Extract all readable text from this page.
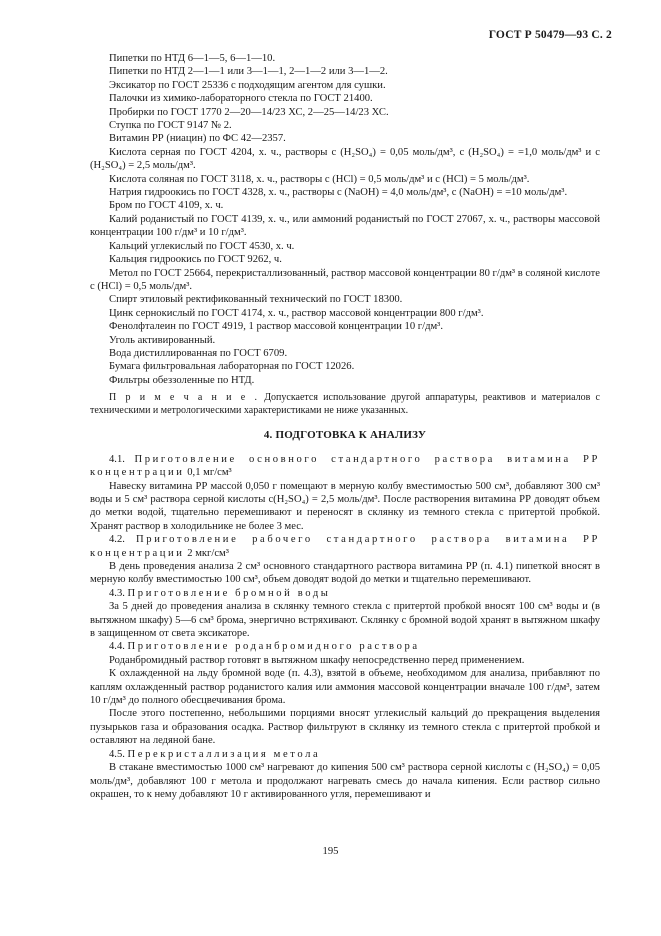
ГОСТ Р 50479—93 С. 2

Пипетки по НТД 6—1—5, 6—1—10.

Пипетки по НТД 2—1—1 или 3—1—1, 2—1—2 или 3—1—2.

Эксикатор по ГОСТ 25336 с подходящим агентом для сушки.

Палочки из химико-лабораторного стекла по ГОСТ 21400.

Пробирки по ГОСТ 1770 2—20—14/23 ХС, 2—25—14/23 ХС.

Ступка по ГОСТ 9147 № 2.

Витамин РР (ниацин) по ФС 42—2357.

Кислота серная по ГОСТ 4204, х. ч., растворы c (H₂SO₄) = 0,05 моль/дм³, c (H₂SO₄) = =1,0 моль/дм³ и c (H₂SO₄) = 2,5 моль/дм³.

Кислота соляная по ГОСТ 3118, х. ч., растворы c (HCl) = 0,5 моль/дм³ и c (HCl) = 5 моль/дм³.

Натрия гидроокись по ГОСТ 4328, х. ч., растворы c (NaOH) = 4,0 моль/дм³, c (NaOH) = =10 моль/дм³.

Бром по ГОСТ 4109, х. ч.

Калий роданистый по ГОСТ 4139, х. ч., или аммоний роданистый по ГОСТ 27067, х. ч., растворы массовой концентрации 100 г/дм³ и 10 г/дм³.

Кальций углекислый по ГОСТ 4530, х. ч.

Кальция гидроокись по ГОСТ 9262, ч.

Метол по ГОСТ 25664, перекристаллизованный, раствор массовой концентрации 80 г/дм³ в соляной кислоте c (HCl) = 0,5 моль/дм³.

Спирт этиловый ректификованный технический по ГОСТ 18300.

Цинк сернокислый по ГОСТ 4174, х. ч., раствор массовой концентрации 800 г/дм³.

Фенолфталеин по ГОСТ 4919, 1 раствор массовой концентрации 10 г/дм³.

Уголь активированный.

Вода дистиллированная по ГОСТ 6709.

Бумага фильтровальная лабораторная по ГОСТ 12026.

Фильтры обеззоленные по НТД.

П р и м е ч а н и е . Допускается использование другой аппаратуры, реактивов и материалов с техническими и метрологическими характеристиками не ниже указанных.

4. ПОДГОТОВКА К АНАЛИЗУ

4.1. Приготовление основного стандартного раствора витамина РР концентрации 0,1 мг/см³

Навеску витамина РР массой 0,050 г помещают в мерную колбу вместимостью 500 см³, добавляют 300 см³ воды и 5 см³ раствора серной кислоты c(H₂SO₄) = 2,5 моль/дм³. После растворения витамина РР доводят объем до метки водой, тщательно перемешивают и переносят в склянку из темного стекла с притертой пробкой. Хранят раствор в холодильнике не более 3 мес.

4.2. Приготовление рабочего стандартного раствора витамина РР концентрации 2 мкг/см³

В день проведения анализа 2 см³ основного стандартного раствора витамина РР (п. 4.1) пипеткой вносят в мерную колбу вместимостью 100 см³, объем доводят водой до метки и тщательно перемешивают.

4.3. Приготовление бромной воды

За 5 дней до проведения анализа в склянку темного стекла с притертой пробкой вносят 100 см³ воды и (в вытяжном шкафу) 5—6 см³ брома, энергично встряхивают. Склянку с бромной водой хранят в вытяжном шкафу в защищенном от света эксикаторе.

4.4. Приготовление роданбромидного раствора

Роданбромидный раствор готовят в вытяжном шкафу непосредственно перед применением.

К охлажденной на льду бромной воде (п. 4.3), взятой в объеме, необходимом для анализа, прибавляют по каплям охлажденный раствор роданистого калия или аммония массовой концентрации вначале 100 г/дм³, затем 10 г/дм³ до полного обесцвечивания брома.

После этого постепенно, небольшими порциями вносят углекислый кальций до прекращения выделения пузырьков газа и образования осадка. Раствор фильтруют в склянку из темного стекла с притертой пробкой и оставляют на ледяной бане.

4.5. Перекристаллизация метола

В стакане вместимостью 1000 см³ нагревают до кипения 500 см³ раствора серной кислоты c (H₂SO₄) = 0,05 моль/дм³, добавляют 100 г метола и продолжают нагревать смесь до начала кипения. Если раствор сильно окрашен, то к нему добавляют 10 г активированного угля, перемешивают и

195
